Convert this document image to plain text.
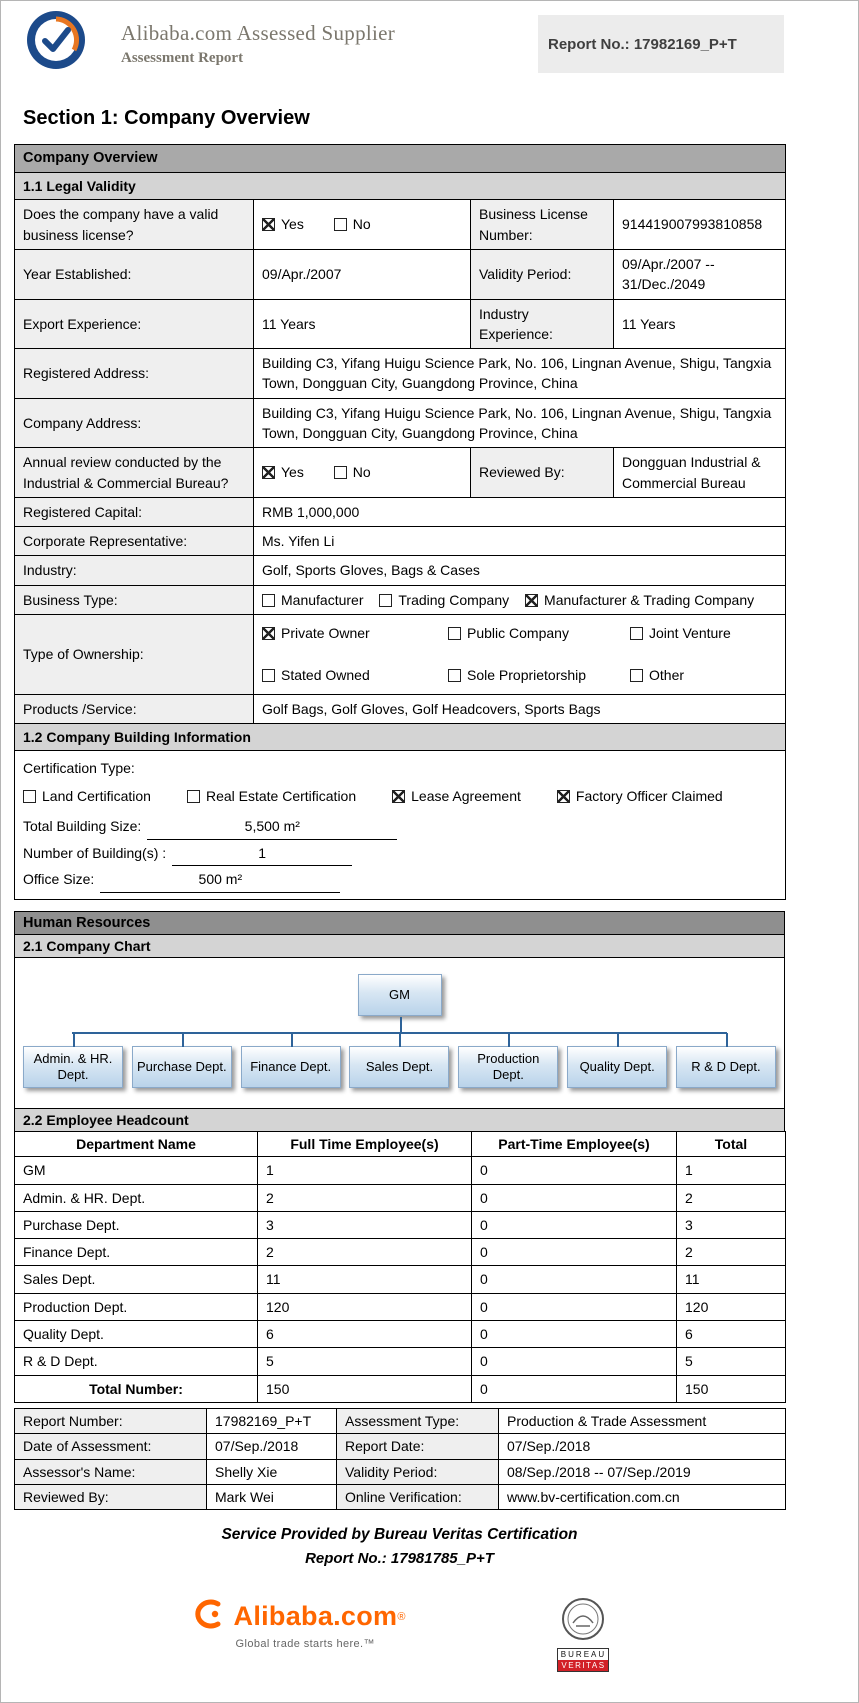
Alibaba.com Assessed Supplier
Assessment Report
Report No.: 17982169_P+T
Section 1: Company Overview
Company Overview			
1.1 Legal Validity			
Does the company have a valid business license?	Yes No	Business License Number:	914419007993810858
Year Established:	09/Apr./2007	Validity Period:	09/Apr./2007 -- 31/Dec./2049
Export Experience:	11 Years	Industry Experience:	11 Years
Registered Address:	Building C3, Yifang Huigu Science Park, No. 106, Lingnan Avenue, Shigu, Tangxia Town, Dongguan City, Guangdong Province, China		
Company Address:	Building C3, Yifang Huigu Science Park, No. 106, Lingnan Avenue, Shigu, Tangxia Town, Dongguan City, Guangdong Province, China		
Annual review conducted by the Industrial & Commercial Bureau?	Yes No	Reviewed By:	Dongguan Industrial & Commercial Bureau
Registered Capital:	RMB 1,000,000		
Corporate Representative:	Ms. Yifen Li		
Industry:	Golf, Sports Gloves, Bags & Cases		
Business Type:	Manufacturer Trading Company Manufacturer & Trading Company		
Type of Ownership:	
Private Owner	Public Company	Joint Venture
Stated Owned	Sole Proprietorship	Other

Products /Service:	Golf Bags, Golf Gloves, Golf Headcovers, Sports Bags		
1.2 Company Building Information			

Certification Type:
Land Certification	Real Estate Certification	Lease Agreement	Factory Officer Claimed
Total Building Size:	5,500 m²
Number of Building(s) :	1
Office Size:	500 m²
Human Resources
2.1 Company Chart
GM
Admin. & HR. Dept.
Purchase Dept.	Finance Dept.	Sales Dept.
Production Dept.
Quality Dept.	R & D Dept.
2.2 Employee Headcount
Department Name	Full Time Employee(s)	Part-Time Employee(s)	Total
GM	1	0	1
Admin. & HR. Dept.	2	0	2
Purchase Dept.	3	0	3
Finance Dept.	2	0	2
Sales Dept.	11	0	11
Production Dept.	120	0	120
Quality Dept.	6	0	6
R & D Dept.	5	0	5
Total Number:	150	0	150
Report Number:	17982169_P+T	Assessment Type:	Production & Trade Assessment
Date of Assessment:	07/Sep./2018	Report Date:	07/Sep./2018
Assessor's Name:	Shelly Xie	Validity Period:	08/Sep./2018 -- 07/Sep./2019
Reviewed By:	Mark Wei	Online Verification:	www.bv-certification.com.cn
Service Provided by Bureau Veritas Certification
Report No.: 17981785_P+T
Alibaba.com ®
Global trade starts here.™
BUREAU
VERITAS
